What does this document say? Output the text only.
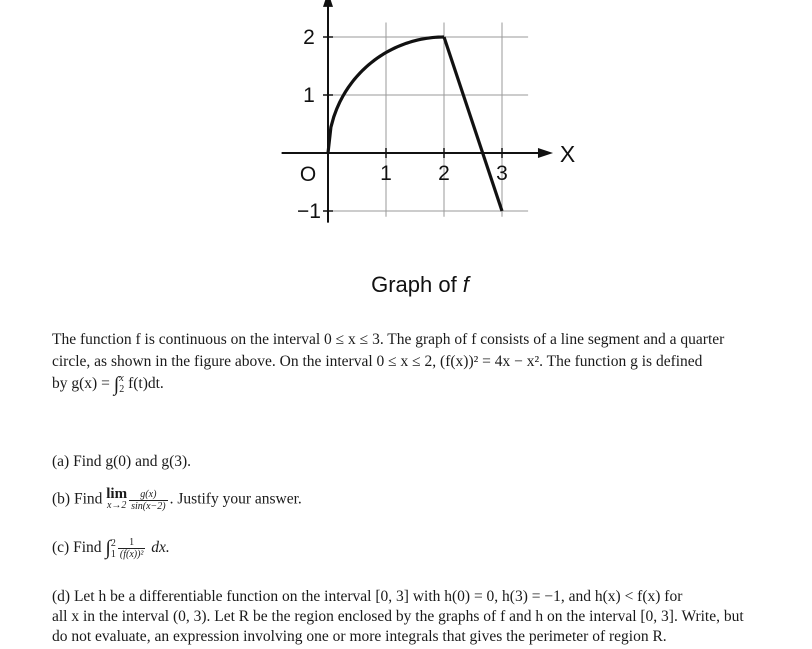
1 2 3
2
1
−1
O
X
Graph of f
The function f is continuous on the interval 0 ≤ x ≤ 3. The graph of f consists of a line segment and a quarter
circle, as shown in the figure above. On the interval 0 ≤ x ≤ 2, (f(x))² = 4x − x². The function g is defined
by g(x) = ∫ x
2 f(t)dt.
(a) Find g(0) and g(3).
(b) Find lim
$x\to 2 \frac{g(x)}{\sin(x-2)}$ . Justify your answer.
(c) Find ∫ 2
$1 \frac{1}{\text{(f(x))²}}$ dx.
(d) Let h be a differentiable function on the interval [0, 3] with h(0) = 0, h(3) = −1, and h(x) < f(x) for
all x in the interval (0, 3). Let R be the region enclosed by the graphs of f and h on the interval [0, 3]. Write, but
do not evaluate, an expression involving one or more integrals that gives the perimeter of region R.
